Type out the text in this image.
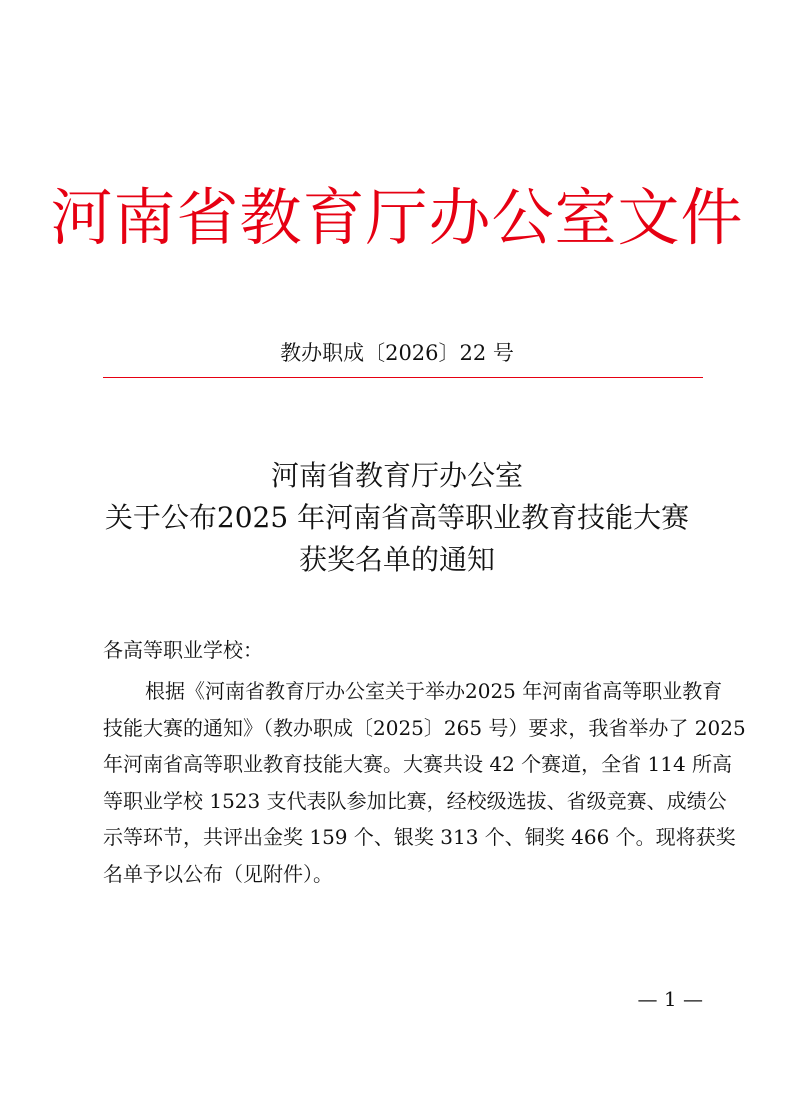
河南省教育厅办公室文件
教办职成〔2026〕22 号
河南省教育厅办公室
关于公布2025 年河南省高等职业教育技能大赛
获奖名单的通知
各高等职业学校：

根据《河南省教育厅办公室关于举办2025 年河南省高等职业教育
技能大赛的通知》（教办职成〔2025〕265 号）要求，我省举办了 2025
年河南省高等职业教育技能大赛。大赛共设 42 个赛道，全省 114 所高
等职业学校 1523 支代表队参加比赛，经校级选拔、省级竞赛、成绩公
示等环节，共评出金奖 159 个、银奖 313 个、铜奖 466 个。现将获奖
名单予以公布（见附件）。

— 1 —
